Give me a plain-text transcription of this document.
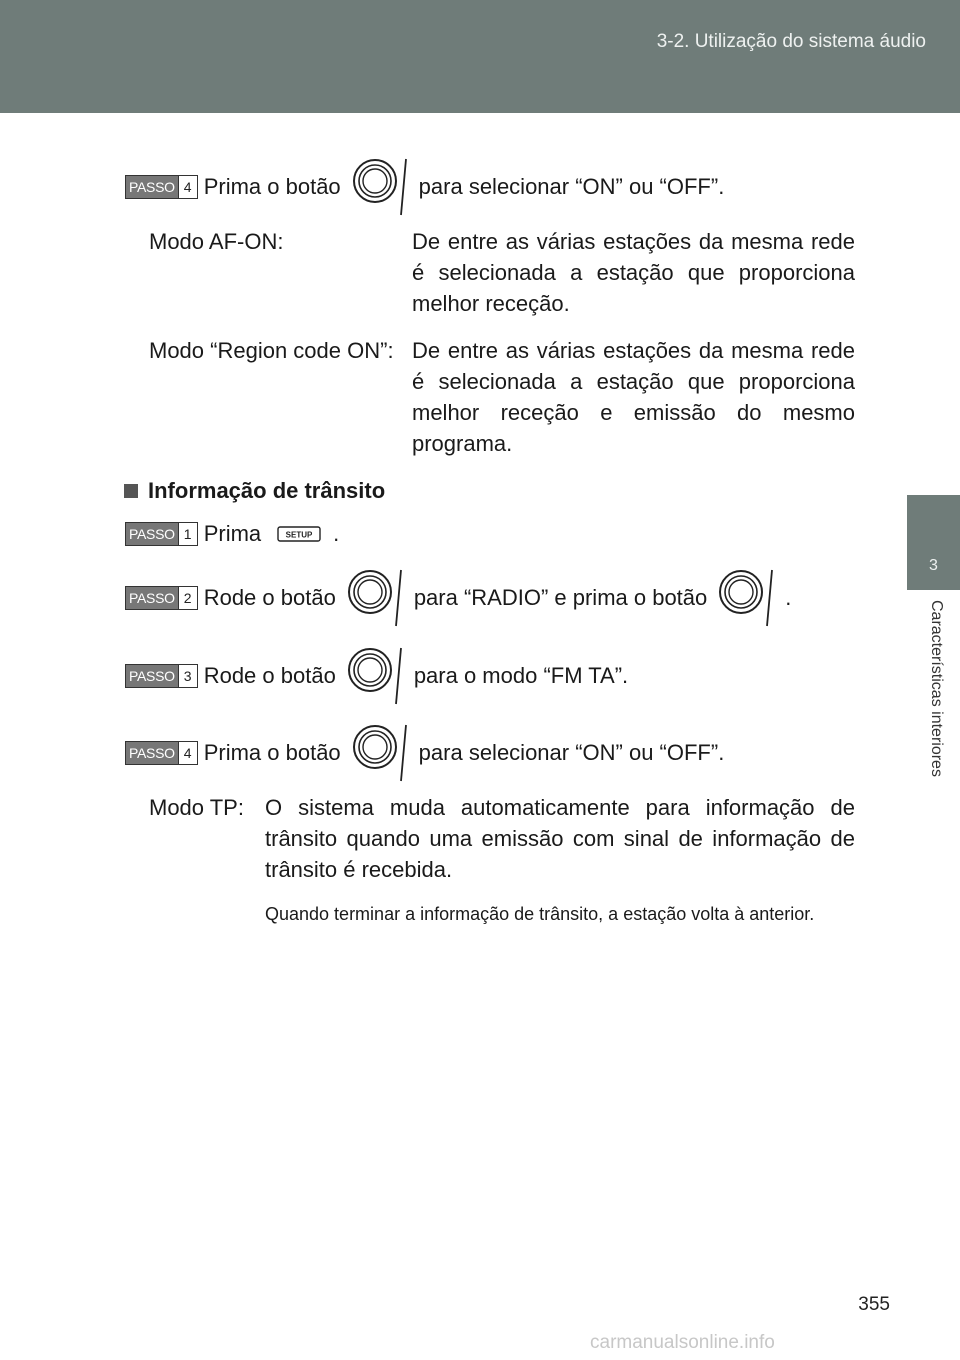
3-2. Utilização do sistema áudio
3
Características interiores
PASSO 4 Prima o botão	para selecionar “ON” ou “OFF”.
Modo AF-ON:	De entre as várias estações da mesma rede é selecionada a estação que proporciona melhor receção.
Modo “Region code ON”: De entre as várias estações da mesma rede é selecionada a estação que proporciona melhor receção e emissão do mesmo programa.
Informação de trânsito
PASSO 1 Prima	SETUP .
PASSO 2 Rode o botão	para “RADIO” e prima o botão	.
PASSO 3 Rode o botão	para o modo “FM TA”.
PASSO 4 Prima o botão	para selecionar “ON” ou “OFF”.
Modo TP: O sistema muda automaticamente para informação de trânsito quando uma emissão com sinal de informação de trânsito é recebida.
Quando terminar a informação de trânsito, a estação volta à anterior.
355
carmanualsonline.info
